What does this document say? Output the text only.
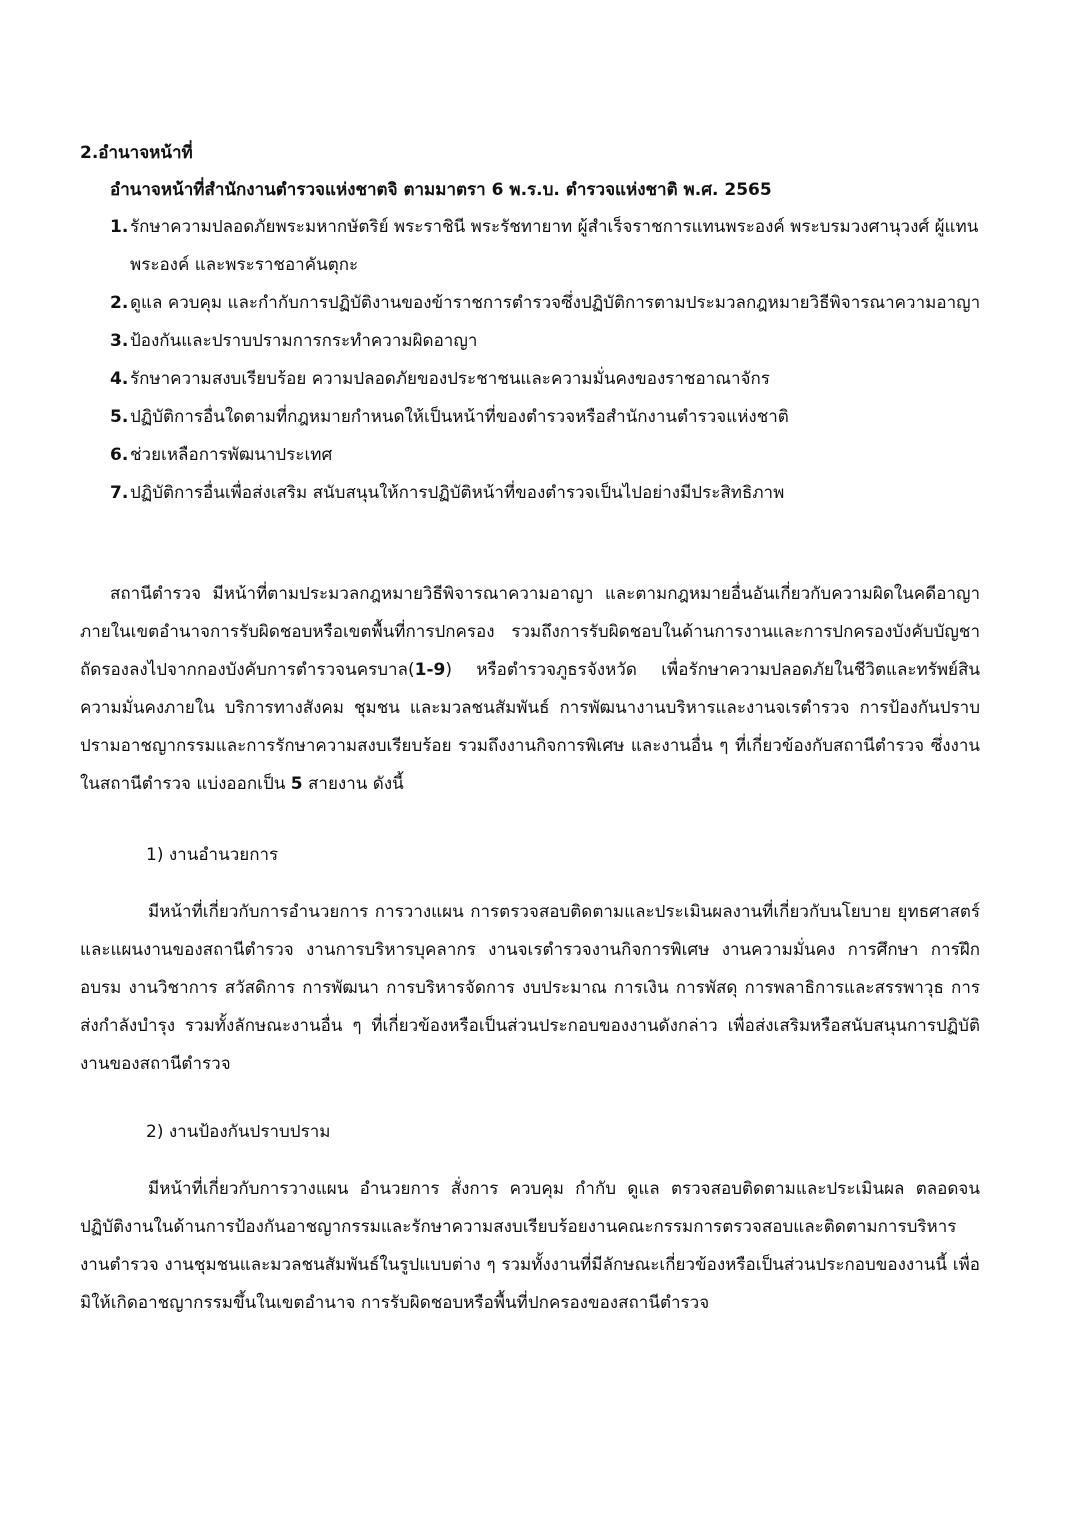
2.อำนาจหน้าที่
อำนาจหน้าที่สำนักงานตำรวจแห่งชาตจิ ตามมาตรา 6 พ.ร.บ. ตำรวจแห่งชาติ พ.ศ. 2565
1. รักษาความปลอดภัยพระมหากษัตริย์ พระราชินี พระรัชทายาท ผู้สำเร็จราชการแทนพระองค์ พระบรมวงศานุวงศ์ ผู้แทนพระองค์ และพระราชอาคันตุกะ
2. ดูแล ควบคุม และกำกับการปฏิบัติงานของข้าราชการตำรวจซึ่งปฏิบัติการตามประมวลกฎหมายวิธีพิจารณาความอาญา
3. ป้องกันและปราบปรามการกระทำความผิดอาญา
4. รักษาความสงบเรียบร้อย ความปลอดภัยของประชาชนและความมั่นคงของราชอาณาจักร
5. ปฏิบัติการอื่นใดตามที่กฎหมายกำหนดให้เป็นหน้าที่ของตำรวจหรือสำนักงานตำรวจแห่งชาติ
6. ช่วยเหลือการพัฒนาประเทศ
7. ปฏิบัติการอื่นเพื่อส่งเสริม สนับสนุนให้การปฏิบัติหน้าที่ของตำรวจเป็นไปอย่างมีประสิทธิภาพ

สถานีตำรวจ มีหน้าที่ตามประมวลกฎหมายวิธีพิจารณาความอาญา และตามกฎหมายอื่นอันเกี่ยวกับความผิดในคดีอาญาภายในเขตอำนาจการรับผิดชอบหรือเขตพื้นที่การปกครอง รวมถึงการรับผิดชอบในด้านการงานและการปกครองบังคับบัญชาถัดรองลงไปจากกองบังคับการตำรวจนครบาล(1-9) หรือตำรวจภูธรจังหวัด เพื่อรักษาความปลอดภัยในชีวิตและทรัพย์สิน ความมั่นคงภายใน บริการทางสังคม ชุมชน และมวลชนสัมพันธ์ การพัฒนางานบริหารและงานจเรตำรวจ การป้องกันปราบปรามอาชญากรรมและการรักษาความสงบเรียบร้อย รวมถึงงานกิจการพิเศษ และงานอื่น ๆ ที่เกี่ยวข้องกับสถานีตำรวจ ซึ่งงานในสถานีตำรวจ แบ่งออกเป็น 5 สายงาน ดังนี้

1) งานอำนวยการ

มีหน้าที่เกี่ยวกับการอำนวยการ การวางแผน การตรวจสอบติดตามและประเมินผลงานที่เกี่ยวกับนโยบาย ยุทธศาสตร์ และแผนงานของสถานีตำรวจ งานการบริหารบุคลากร งานจเรตำรวจงานกิจการพิเศษ งานความมั่นคง การศึกษา การฝึกอบรม งานวิชาการ สวัสดิการ การพัฒนา การบริหารจัดการ งบประมาณ การเงิน การพัสดุ การพลาธิการและสรรพาวุธ การส่งกำลังบำรุง รวมทั้งลักษณะงานอื่น ๆ ที่เกี่ยวข้องหรือเป็นส่วนประกอบของงานดังกล่าว เพื่อส่งเสริมหรือสนับสนุนการปฏิบัติงานของสถานีตำรวจ

2) งานป้องกันปราบปราม

มีหน้าที่เกี่ยวกับการวางแผน อำนวยการ สั่งการ ควบคุม กำกับ ดูแล ตรวจสอบติดตามและประเมินผล ตลอดจนปฏิบัติงานในด้านการป้องกันอาชญากรรมและรักษาความสงบเรียบร้อยงานคณะกรรมการตรวจสอบและติดตามการบริหารงานตำรวจ งานชุมชนและมวลชนสัมพันธ์ในรูปแบบต่าง ๆ รวมทั้งงานที่มีลักษณะเกี่ยวข้องหรือเป็นส่วนประกอบของงานนี้ เพื่อมิให้เกิดอาชญากรรมขึ้นในเขตอำนาจ การรับผิดชอบหรือพื้นที่ปกครองของสถานีตำรวจ
